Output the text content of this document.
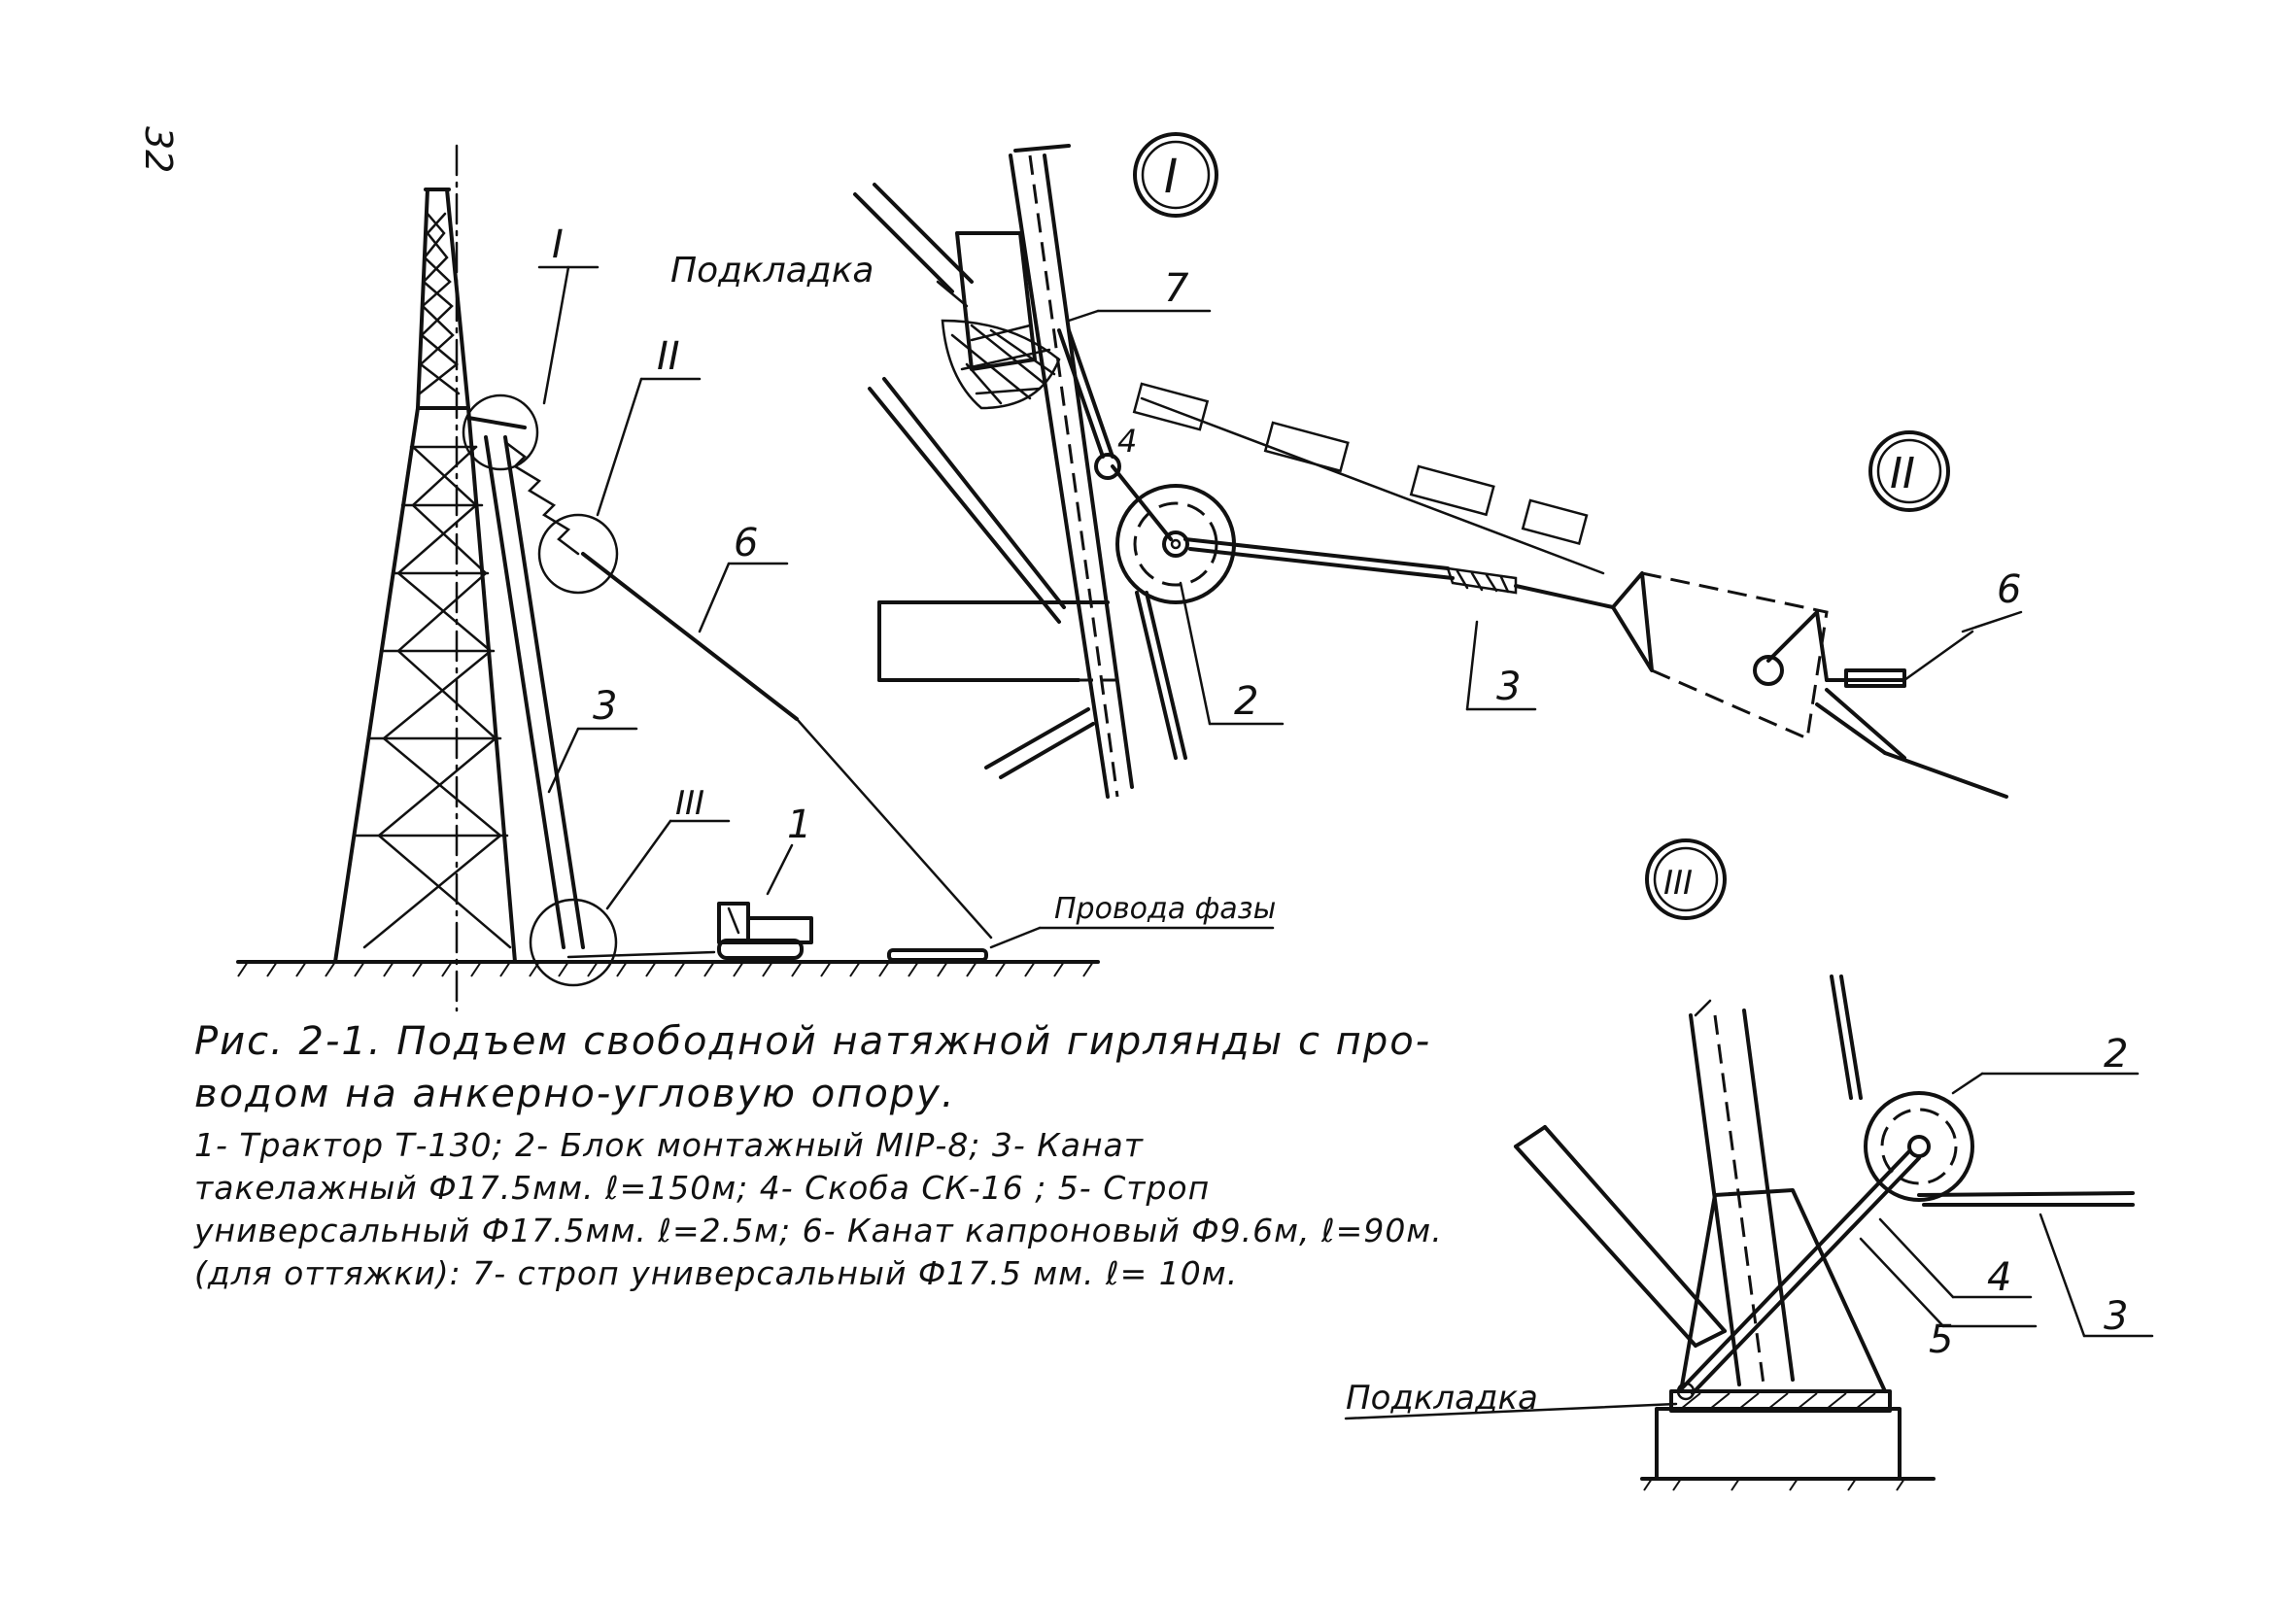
32
I
II
III
3
6
1
Провода фазы
I
Подкладка	7
4
2	3
6
II
III
2
4
5
3
Подкладка
Рис. 2-1. Подъем свободной натяжной гирлянды с про-
водом на анкерно-угловую опору.
1- Трактор Т-130; 2- Блок монтажный МІР-8; 3- Канат
такелажный Ф17.5мм. ℓ=150м; 4- Скоба СК-16 ; 5- Строп
универсальный Ф17.5мм. ℓ=2.5м; 6- Канат капроновый Ф9.6м, ℓ=90м.
(для оттяжки): 7- строп универсальный Ф17.5 мм. ℓ= 10м.
